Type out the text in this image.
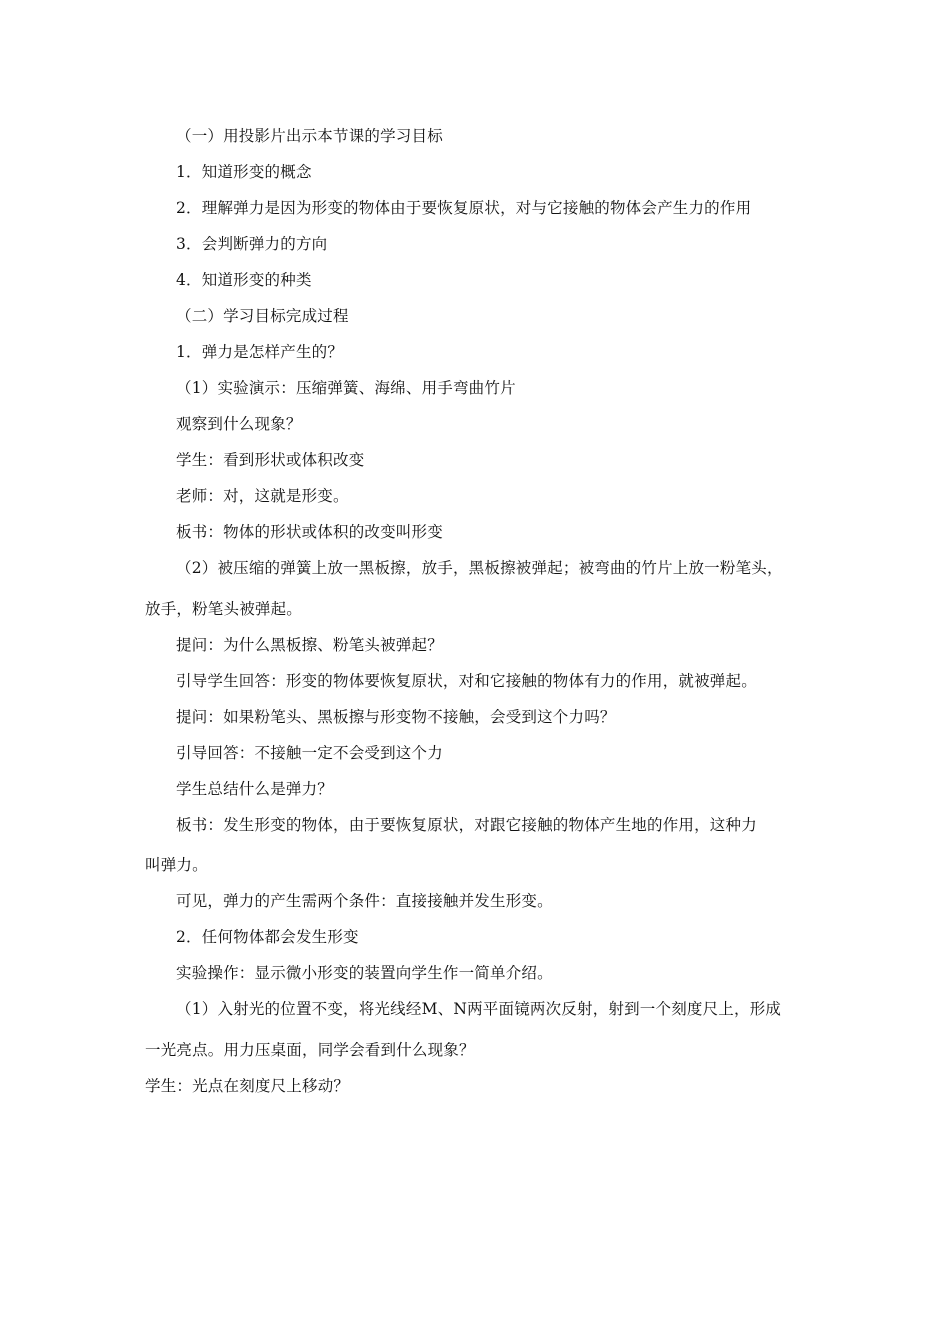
（一）用投影片出示本节课的学习目标
1．知道形变的概念
2．理解弹力是因为形变的物体由于要恢复原状，对与它接触的物体会产生力的作用
3．会判断弹力的方向
4．知道形变的种类
（二）学习目标完成过程
1．弹力是怎样产生的？
（1）实验演示：压缩弹簧、海绵、用手弯曲竹片
观察到什么现象？
学生：看到形状或体积改变
老师：对，这就是形变。
板书：物体的形状或体积的改变叫形变
（2）被压缩的弹簧上放一黑板擦，放手，黑板擦被弹起；被弯曲的竹片上放一粉笔头，
放手，粉笔头被弹起。
提问：为什么黑板擦、粉笔头被弹起？
引导学生回答：形变的物体要恢复原状，对和它接触的物体有力的作用，就被弹起。
提问：如果粉笔头、黑板擦与形变物不接触，会受到这个力吗？
引导回答：不接触一定不会受到这个力
学生总结什么是弹力？
板书：发生形变的物体，由于要恢复原状，对跟它接触的物体产生地的作用，这种力
叫弹力。
可见，弹力的产生需两个条件：直接接触并发生形变。
2．任何物体都会发生形变
实验操作：显示微小形变的装置向学生作一简单介绍。
（1）入射光的位置不变，将光线经M、N两平面镜两次反射，射到一个刻度尺上，形成
一光亮点。用力压桌面，同学会看到什么现象？
学生：光点在刻度尺上移动？
